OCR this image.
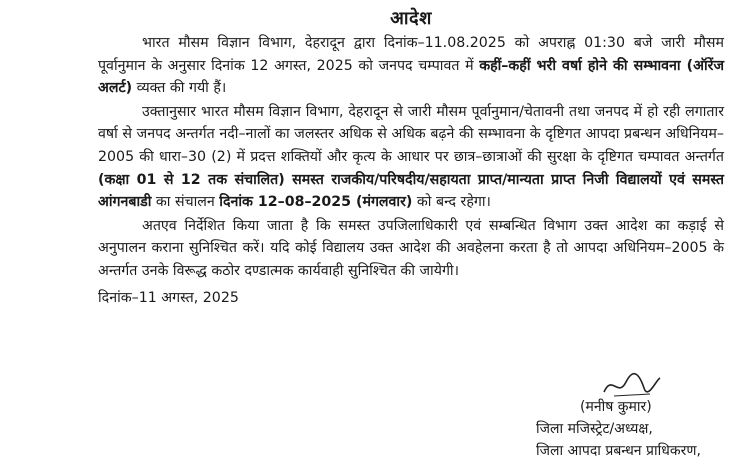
आदेश

भारत मौसम विज्ञान विभाग, देहरादून द्वारा दिनांक–11.08.2025 को अपराह्न 01:30 बजे जारी मौसम पूर्वानुमान के अनुसार दिनांक 12 अगस्त, 2025 को जनपद चम्पावत में कहीं–कहीं भरी वर्षा होने की सम्भावना (ऑरेंज अलर्ट) व्यक्त की गयी हैं।

उक्तानुसार भारत मौसम विज्ञान विभाग, देहरादून से जारी मौसम पूर्वानुमान/चेतावनी तथा जनपद में हो रही लगातार वर्षा से जनपद अन्तर्गत नदी–नालों का जलस्तर अधिक से अधिक बढ़ने की सम्भावना के दृष्टिगत आपदा प्रबन्धन अधिनियम–2005 की धारा–30 (2) में प्रदत्त शक्तियों और कृत्य के आधार पर छात्र–छात्राओं की सुरक्षा के दृष्टिगत चम्पावत अन्तर्गत (कक्षा 01 से 12 तक संचालित) समस्त राजकीय/परिषदीय/सहायता प्राप्त/मान्यता प्राप्त निजी विद्यालयों एवं समस्त आंगनबाडी का संचालन दिनांक 12–08–2025 (मंगलवार) को बन्द रहेगा।

अतएव निर्देशित किया जाता है कि समस्त उपजिलाधिकारी एवं सम्बन्धित विभाग उक्त आदेश का कड़ाई से अनुपालन कराना सुनिश्चित करें। यदि कोई विद्यालय उक्त आदेश की अवहेलना करता है तो आपदा अधिनियम–2005 के अन्तर्गत उनके विरूद्ध कठोर दण्डात्मक कार्यवाही सुनिश्चित की जायेगी।

दिनांक–11 अगस्त, 2025
(मनीष कुमार)
जिला मजिस्ट्रेट/अध्यक्ष,
जिला आपदा प्रबन्धन प्राधिकरण,
